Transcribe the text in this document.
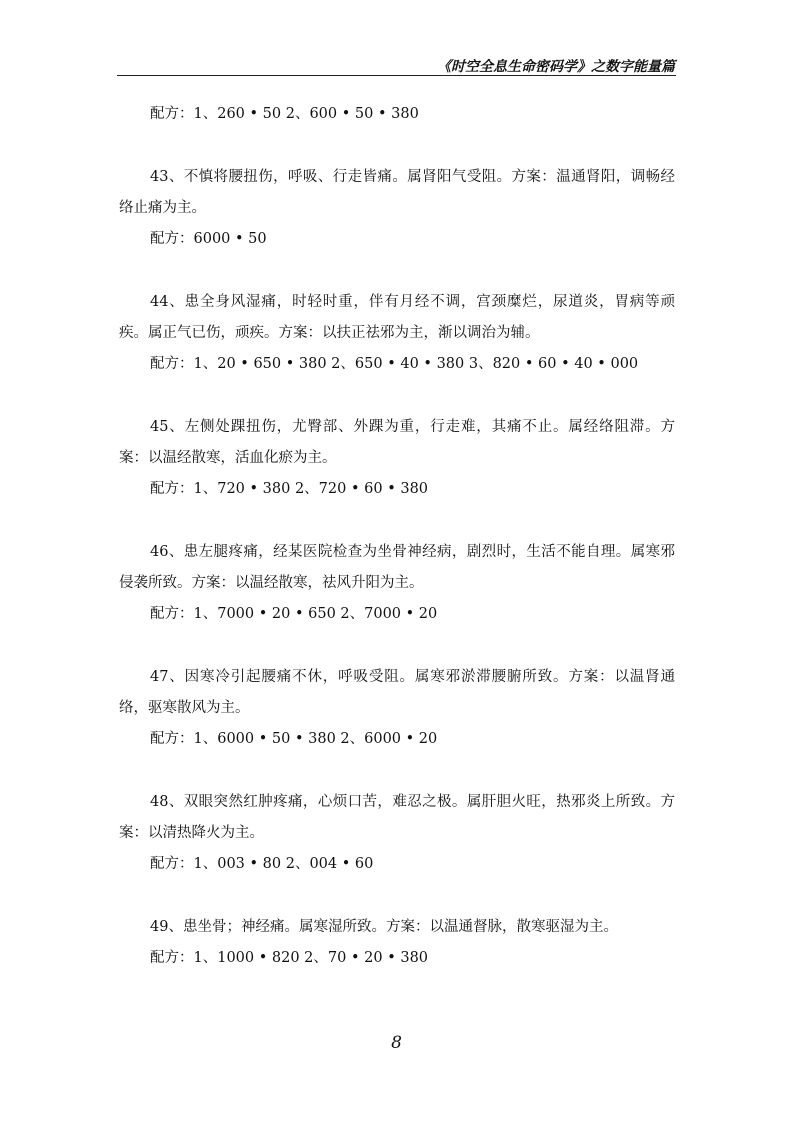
《时空全息生命密码学》之数字能量篇

配方：1、260 • 50 2、600 • 50 • 380

43、不慎将腰扭伤，呼吸、行走皆痛。属肾阳气受阻。方案：温通肾阳，调畅经络止痛为主。

配方：6000 • 50

44、患全身风湿痛，时轻时重，伴有月经不调，宫颈糜烂，尿道炎，胃病等顽疾。属正气已伤，顽疾。方案：以扶正祛邪为主，渐以调治为辅。

配方：1、20 • 650 • 380 2、650 • 40 • 380 3、820 • 60 • 40 • 000

45、左侧处踝扭伤，尤臀部、外踝为重，行走难，其痛不止。属经络阻滞。方案：以温经散寒，活血化瘀为主。

配方：1、720 • 380 2、720 • 60 • 380

46、患左腿疼痛，经某医院检查为坐骨神经病，剧烈时，生活不能自理。属寒邪侵袭所致。方案：以温经散寒，祛风升阳为主。

配方：1、7000 • 20 • 650 2、7000 • 20

47、因寒冷引起腰痛不休，呼吸受阻。属寒邪淤滞腰腑所致。方案：以温肾通络，驱寒散风为主。

配方：1、6000 • 50 • 380 2、6000 • 20

48、双眼突然红肿疼痛，心烦口苦，难忍之极。属肝胆火旺，热邪炎上所致。方案：以清热降火为主。

配方：1、003 • 80 2、004 • 60

49、患坐骨；神经痛。属寒湿所致。方案：以温通督脉，散寒驱湿为主。

配方：1、1000 • 820 2、70 • 20 • 380

8
